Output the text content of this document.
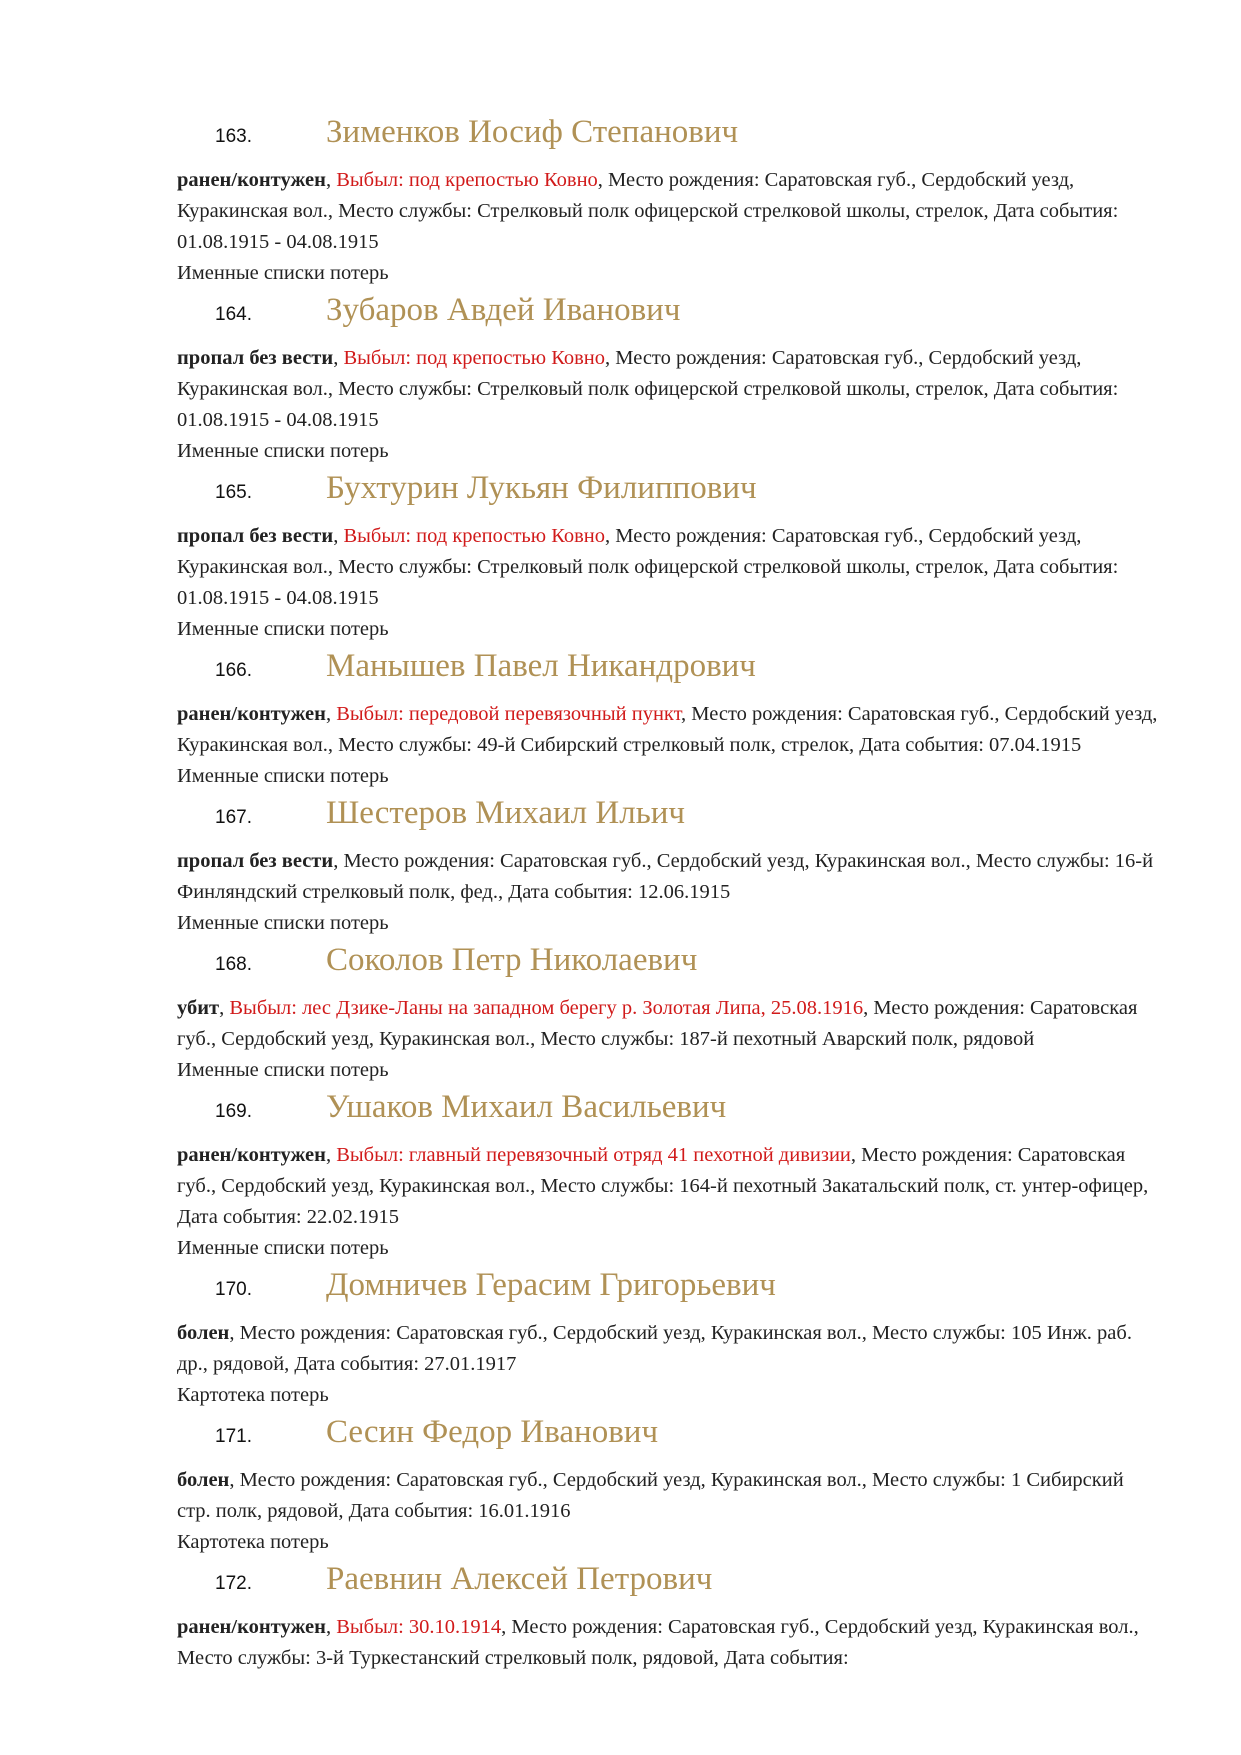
163.	Зименков Иосиф Степанович

ранен/контужен, Выбыл: под крепостью Ковно, Место рождения: Саратовская губ., Сердобский уезд, Куракинская вол., Место службы: Стрелковый полк офицерской стрелковой школы, стрелок, Дата события: 01.08.1915 - 04.08.1915

Именные списки потерь

164.	Зубаров Авдей Иванович

пропал без вести, Выбыл: под крепостью Ковно, Место рождения: Саратовская губ., Сердобский уезд, Куракинская вол., Место службы: Стрелковый полк офицерской стрелковой школы, стрелок, Дата события: 01.08.1915 - 04.08.1915

Именные списки потерь

165.	Бухтурин Лукьян Филиппович

пропал без вести, Выбыл: под крепостью Ковно, Место рождения: Саратовская губ., Сердобский уезд, Куракинская вол., Место службы: Стрелковый полк офицерской стрелковой школы, стрелок, Дата события: 01.08.1915 - 04.08.1915

Именные списки потерь

166.	Манышев Павел Никандрович

ранен/контужен, Выбыл: передовой перевязочный пункт, Место рождения: Саратовская губ., Сердобский уезд, Куракинская вол., Место службы: 49-й Сибирский стрелковый полк, стрелок, Дата события: 07.04.1915

Именные списки потерь

167.	Шестеров Михаил Ильич

пропал без вести, Место рождения: Саратовская губ., Сердобский уезд, Куракинская вол., Место службы: 16-й Финляндский стрелковый полк, фед., Дата события: 12.06.1915

Именные списки потерь

168.	Соколов Петр Николаевич

убит, Выбыл: лес Дзике-Ланы на западном берегу р. Золотая Липа, 25.08.1916, Место рождения: Саратовская губ., Сердобский уезд, Куракинская вол., Место службы: 187-й пехотный Аварский полк, рядовой

Именные списки потерь

169.	Ушаков Михаил Васильевич

ранен/контужен, Выбыл: главный перевязочный отряд 41 пехотной дивизии, Место рождения: Саратовская губ., Сердобский уезд, Куракинская вол., Место службы: 164-й пехотный Закатальский полк, ст. унтер-офицер, Дата события: 22.02.1915

Именные списки потерь

170.	Домничев Герасим Григорьевич

болен, Место рождения: Саратовская губ., Сердобский уезд, Куракинская вол., Место службы: 105 Инж. раб. др., рядовой, Дата события: 27.01.1917

Картотека потерь

171.	Сесин Федор Иванович

болен, Место рождения: Саратовская губ., Сердобский уезд, Куракинская вол., Место службы: 1 Сибирский стр. полк, рядовой, Дата события: 16.01.1916

Картотека потерь

172.	Раевнин Алексей Петрович

ранен/контужен, Выбыл: 30.10.1914, Место рождения: Саратовская губ., Сердобский уезд, Куракинская вол., Место службы: 3-й Туркестанский стрелковый полк, рядовой, Дата события:
